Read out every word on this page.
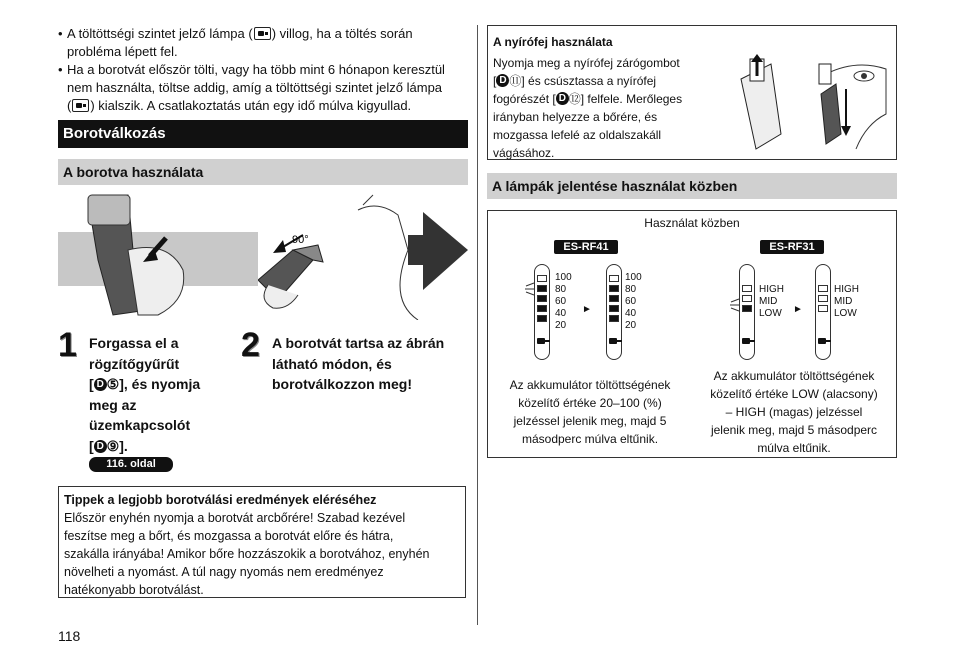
• A töltöttségi szintet jelző lámpa ( ) villog, ha a töltés során
probléma lépett fel.
• Ha a borotvát először tölti, vagy ha több mint 6 hónapon keresztül
nem használta, töltse addig, amíg a töltöttségi szintet jelző lámpa
( ) kialszik. A csatlakoztatás után egy idő múlva kigyullad.
Borotválkozás
A borotva használata
90°
1 Forgassa el a
rögzítőgyűrűt
[ D ⑤], és nyomja
meg az
üzemkapcsolót
[ D ⑨].
116. oldal
2 A borotvát tartsa az ábrán
látható módon, és
borotválkozzon meg!
Tippek a legjobb borotválási eredmények eléréséhez
Először enyhén nyomja a borotvát arcbőrére! Szabad kezével
feszítse meg a bőrt, és mozgassa a borotvát előre és hátra,
szakálla irányába! Amikor bőre hozzászokik a borotvához, enyhén
növelheti a nyomást. A túl nagy nyomás nem eredményez
hatékonyabb borotválást.
118
A nyírófej használata
Nyomja meg a nyírófej zárógombot
[ D ⑪] és csúsztassa a nyírófej
fogórészét [ D ⑫] felfele. Merőleges
irányban helyezze a bőrére, és
mozgassa lefelé az oldalszakáll
vágásához.
A lámpák jelentése használat közben
Használat közben
ES-RF41
100
80
60
40
20
►
100
80
60
40
20
Az akkumulátor töltöttségének
közelítő értéke 20–100 (%)
jelzéssel jelenik meg, majd 5
másodperc múlva eltűnik.
ES-RF31
HIGH
MID
LOW ►
HIGH
MID
LOW
Az akkumulátor töltöttségének
közelítő értéke LOW (alacsony)
– HIGH (magas) jelzéssel
jelenik meg, majd 5 másodperc
múlva eltűnik.
